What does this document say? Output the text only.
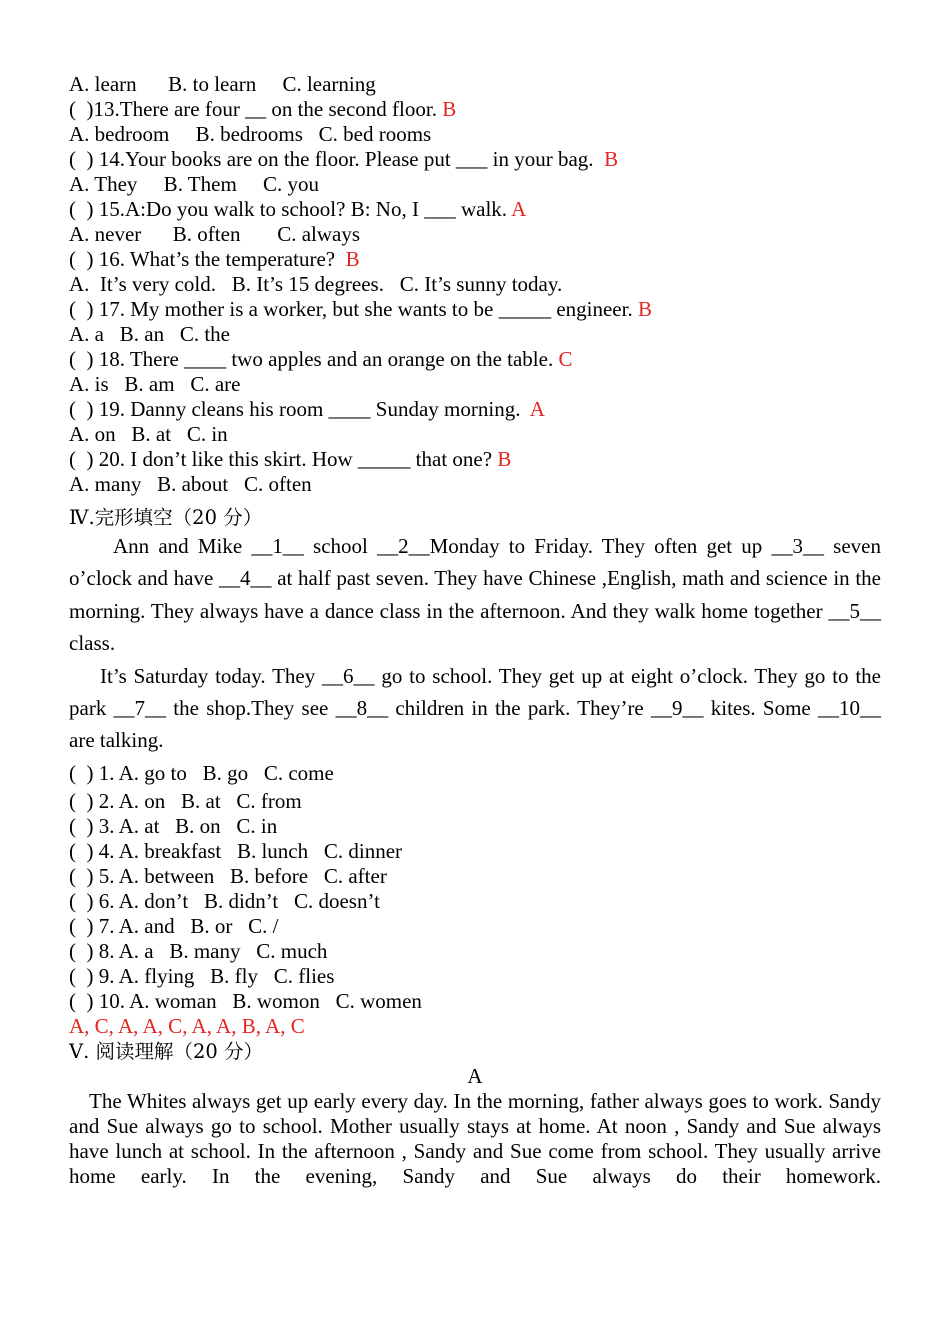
A. learn      B. to learn     C. learning
(  )13.There are four __ on the second floor. B
A. bedroom     B. bedrooms   C. bed rooms
(  ) 14.Your books are on the floor. Please put ___ in your bag.  B
A. They     B. Them     C. you
(  ) 15.A:Do you walk to school? B: No, I ___ walk. A
A. never      B. often       C. always
(  ) 16. What’s the temperature?  B
A.  It’s very cold.   B. It’s 15 degrees.   C. It’s sunny today.
(  ) 17. My mother is a worker, but she wants to be _____ engineer. B
A. a   B. an   C. the
(  ) 18. There ____ two apples and an orange on the table. C
A. is   B. am   C. are
(  ) 19. Danny cleans his room ____ Sunday morning.  A
A. on   B. at   C. in
(  ) 20. I don’t like this skirt. How _____ that one? B
A. many   B. about   C. often
Ⅳ.完形填空（20 分）
Ann and Mike __1__ school __2__Monday to Friday. They often get up __3__ seven o’clock and have __4__ at half past seven. They have Chinese ,English, math and science in the morning. They always have a dance class in the afternoon. And they walk home together __5__ class.
It’s Saturday today. They __6__ go to school. They get up at eight o’clock. They go to the park __7__ the shop.They see __8__ children in the park. They’re __9__ kites. Some __10__ are talking.
(  ) 1. A. go to   B. go   C. come
(  ) 2. A. on   B. at   C. from
(  ) 3. A. at   B. on   C. in
(  ) 4. A. breakfast   B. lunch   C. dinner
(  ) 5. A. between   B. before   C. after
(  ) 6. A. don’t   B. didn’t   C. doesn’t
(  ) 7. A. and   B. or   C. /
(  ) 8. A. a   B. many   C. much
(  ) 9. A. flying   B. fly   C. flies
(  ) 10. A. woman   B. womon   C. women
A, C, A, A, C, A, A, B, A, C
Ⅴ. 阅读理解（20 分）
A
The Whites always get up early every day. In the morning, father always goes to work. Sandy and Sue always go to school. Mother usually stays at home. At noon , Sandy and Sue always have lunch at school. In the afternoon , Sandy and Sue come from school. They usually arrive home early. In the evening, Sandy and Sue always do their homework.
